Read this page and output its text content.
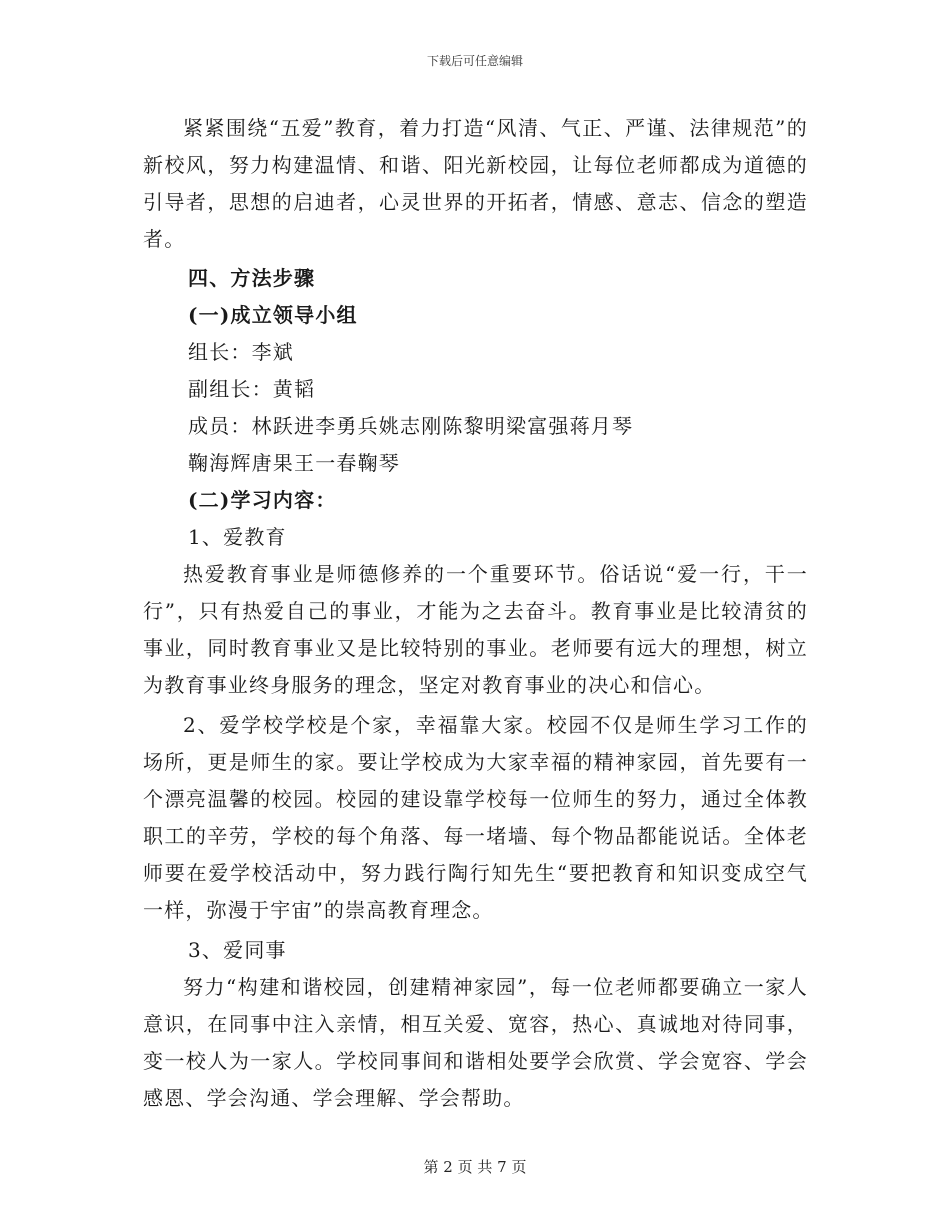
下载后可任意编辑

紧紧围绕“五爱”教育，着力打造“风清、气正、严谨、法律规范”的新校风，努力构建温情、和谐、阳光新校园，让每位老师都成为道德的引导者，思想的启迪者，心灵世界的开拓者，情感、意志、信念的塑造者。

四、方法步骤

(一)成立领导小组

组长：李斌

副组长：黄韬

成员：林跃进李勇兵姚志刚陈黎明梁富强蒋月琴

鞠海辉唐果王一春鞠琴

(二)学习内容：

1、爱教育

热爱教育事业是师德修养的一个重要环节。俗话说“爱一行，干一行”，只有热爱自己的事业，才能为之去奋斗。教育事业是比较清贫的事业，同时教育事业又是比较特别的事业。老师要有远大的理想，树立为教育事业终身服务的理念，坚定对教育事业的决心和信心。

2、爱学校学校是个家，幸福靠大家。校园不仅是师生学习工作的场所，更是师生的家。要让学校成为大家幸福的精神家园，首先要有一个漂亮温馨的校园。校园的建设靠学校每一位师生的努力，通过全体教职工的辛劳，学校的每个角落、每一堵墙、每个物品都能说话。全体老师要在爱学校活动中，努力践行陶行知先生“要把教育和知识变成空气一样，弥漫于宇宙”的崇高教育理念。

3、爱同事

努力“构建和谐校园，创建精神家园”，每一位老师都要确立一家人意识，在同事中注入亲情，相互关爱、宽容，热心、真诚地对待同事，变一校人为一家人。学校同事间和谐相处要学会欣赏、学会宽容、学会感恩、学会沟通、学会理解、学会帮助。

第 2 页 共 7 页
